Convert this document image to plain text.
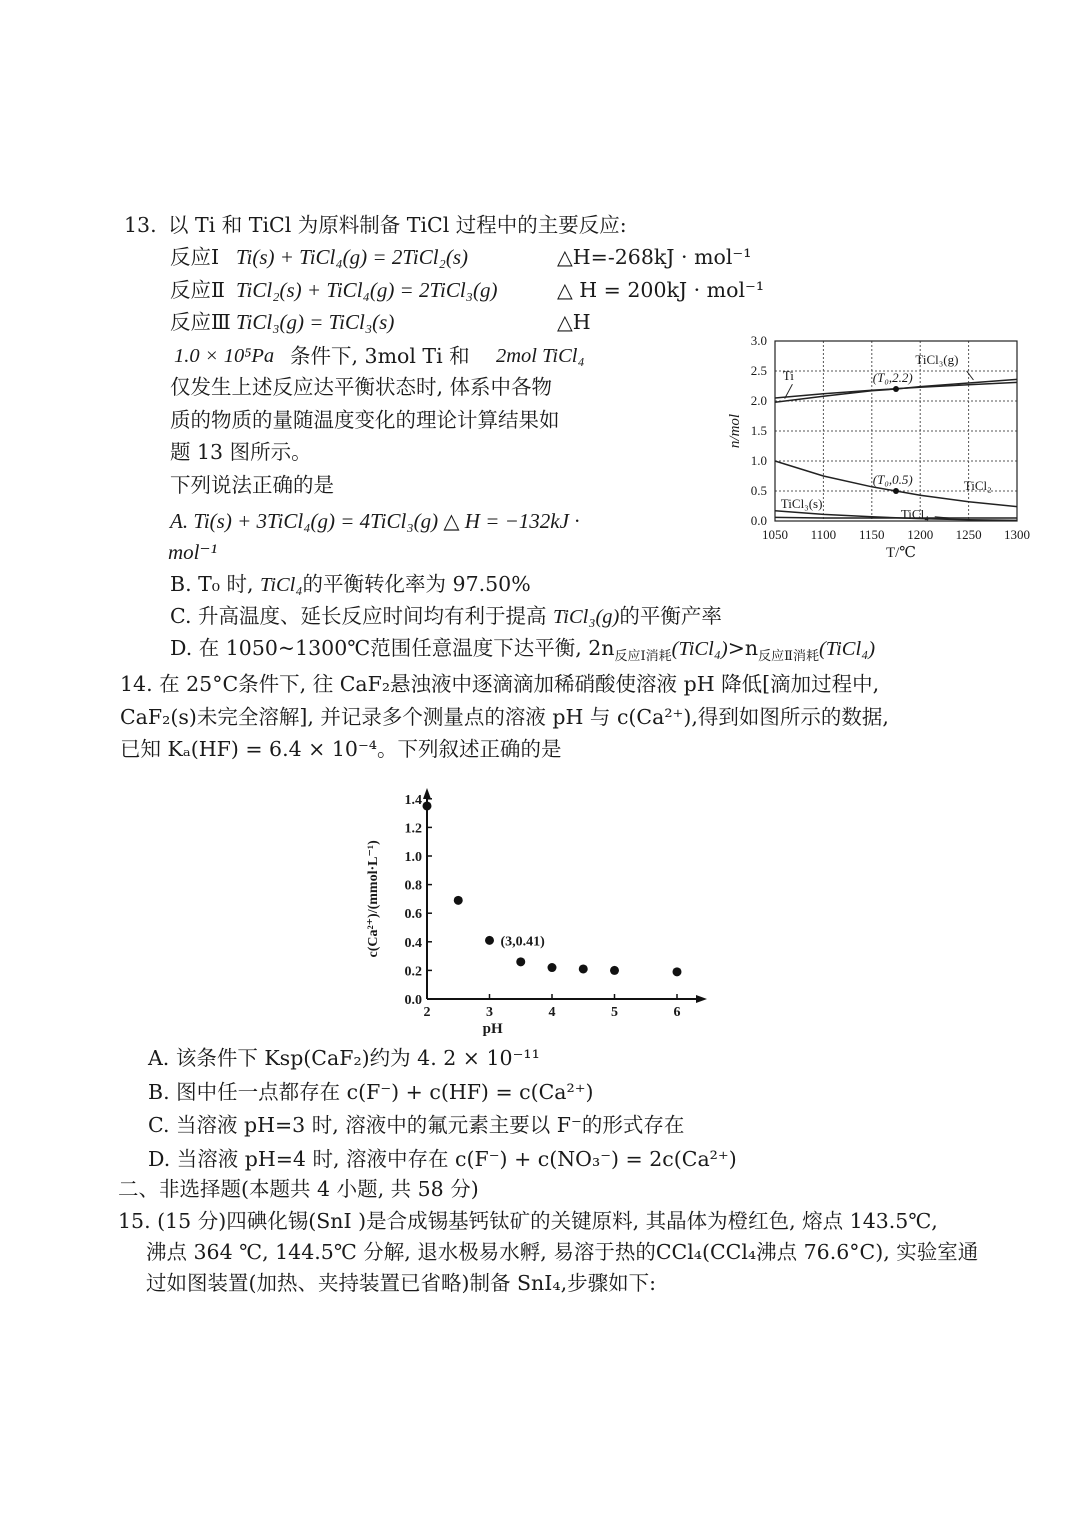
13. 以 Ti 和 TiCl 为原料制备 TiCl 过程中的主要反应:
反应Ⅰ Ti(s) + TiCl₄(g) = 2TiCl₂(s)	△H=-268kJ · mol⁻¹
反应Ⅱ TiCl₂(s) + TiCl₄(g) = 2TiCl₃(g)	△ H = 200kJ · mol⁻¹
反应Ⅲ TiCl₃(g) = TiCl₃(s)	△H
1.0 × 10⁵Pa 条件下, 3mol Ti 和 2mol TiCl₄
仅发生上述反应达平衡状态时, 体系中各物
质的物质的量随温度变化的理论计算结果如
题 13 图所示。
下列说法正确的是
A. Ti(s) + 3TiCl₄(g) = 4TiCl₃(g) △ H = −132kJ ·
mol⁻¹
B. T₀ 时, TiCl₄的平衡转化率为 97.50%
C. 升高温度、延长反应时间均有利于提高 TiCl₃(g)的平衡产率
D. 在 1050~1300℃范围任意温度下达平衡, $2n_{反应Ⅰ消耗}(TiCl_4)>n_{反应Ⅱ消耗}(TiCl_4)$
1050 1100 1150 1200 1250 1300
0.0
0.5
1.0
1.5
2.0
2.5
3.0
TiCl₃(g)
Ti
TiCl₂
TiCl₃(s)
TiCl₄
(T₀,2.2)
(T₀,0.5)
n/mol
T/℃
14. 在 25°C条件下, 往 CaF₂悬浊液中逐滴滴加稀硝酸使溶液 pH 降低[滴加过程中,
CaF₂(s)未完全溶解], 并记录多个测量点的溶液 pH 与 c(Ca²⁺),得到如图所示的数据,
已知 Kₐ(HF) = 6.4 × 10⁻⁴。下列叙述正确的是
2	3	4	5	6
0.0
0.2
0.4
0.6
0.8
1.0
1.2
1.4
(3,0.41)
pH
c(Ca²⁺)/(mmol·L⁻¹)
A. 该条件下 Ksp(CaF₂)约为 4. 2 × 10⁻¹¹
B. 图中任一点都存在 c(F⁻) + c(HF) = c(Ca²⁺)
C. 当溶液 pH=3 时, 溶液中的氟元素主要以 F⁻的形式存在
D. 当溶液 pH=4 时, 溶液中存在 c(F⁻) + c(NO₃⁻) = 2c(Ca²⁺)
二、非选择题(本题共 4 小题, 共 58 分)
15. (15 分)四碘化锡(SnI )是合成锡基钙钛矿的关键原料, 其晶体为橙红色, 熔点 143.5℃,
沸点 364 ℃, 144.5℃ 分解, 退水极易水孵, 易溶于热的CCl₄(CCl₄沸点 76.6°C), 实验室通
过如图装置(加热、夹持装置已省略)制备 SnI₄,步骤如下:
